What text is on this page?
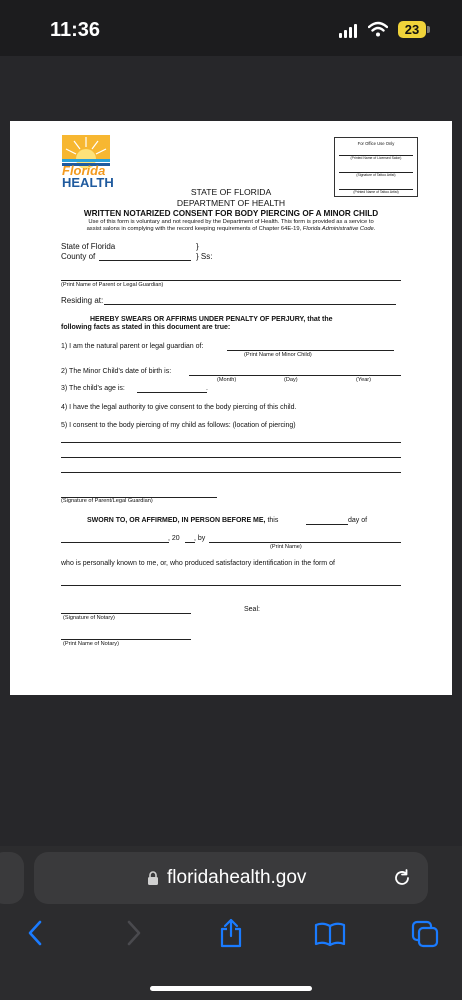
11:36	23
Florida
HEALTH
For Office Use Only
(Printed Name of Licensed Salon)
(Signature of Tattoo Artist)
(Printed Name of Tattoo Artist)
STATE OF FLORIDA
DEPARTMENT OF HEALTH
WRITTEN NOTARIZED CONSENT FOR BODY PIERCING OF A MINOR CHILD
Use of this form is voluntary and not required by the Department of Health. This form is provided as a service to
assist salons in complying with the record keeping requirements of Chapter 64E-19, Florida Administrative Code.
State of Florida
County of
}
} Ss:
(Print Name of Parent or Legal Guardian)
Residing at:
HEREBY SWEARS OR AFFIRMS UNDER PENALTY OF PERJURY, that the
following facts as stated in this document are true:
1) I am the natural parent or legal guardian of:
(Print Name of Minor Child)
2) The Minor Child's date of birth is:
(Month)	(Day)	(Year)
3) The child's age is:	.
4) I have the legal authority to give consent to the body piercing of this child.
5) I consent to the body piercing of my child as follows: (location of piercing)
(Signature of Parent/Legal Guardian)
SWORN TO, OR AFFIRMED, IN PERSON BEFORE ME, this	day of
, 20 , by
(Print Name)
who is personally known to me, or, who produced satisfactory identification in the form of
Seal:
(Signature of Notary)
(Print Name of Notary)
floridahealth.gov
